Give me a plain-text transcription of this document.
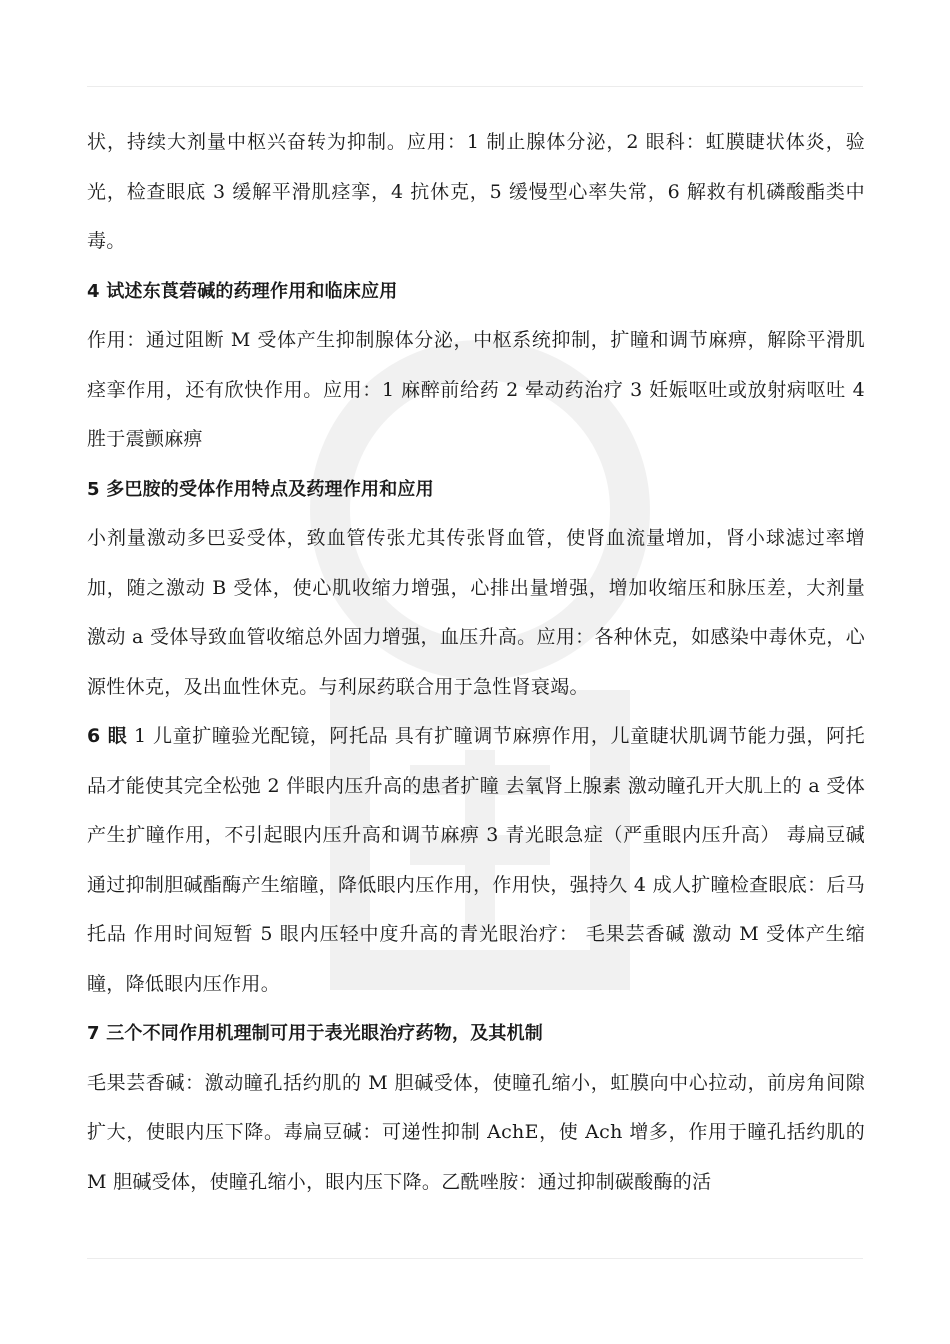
状，持续大剂量中枢兴奋转为抑制。应用：1 制止腺体分泌，2 眼科：虹膜睫状体炎，验光，检查眼底 3 缓解平滑肌痉挛，4 抗休克，5 缓慢型心率失常，6 解救有机磷酸酯类中毒。

4 试述东莨菪碱的药理作用和临床应用

作用：通过阻断 M 受体产生抑制腺体分泌，中枢系统抑制，扩瞳和调节麻痹，解除平滑肌痉挛作用，还有欣快作用。应用：1 麻醉前给药 2 晕动药治疗 3 妊娠呕吐或放射病呕吐 4 胜于震颤麻痹

5 多巴胺的受体作用特点及药理作用和应用

小剂量激动多巴妥受体，致血管传张尤其传张肾血管，使肾血流量增加，肾小球滤过率增加，随之激动 B 受体，使心肌收缩力增强，心排出量增强，增加收缩压和脉压差，大剂量激动 a 受体导致血管收缩总外固力增强，血压升高。应用：各种休克，如感染中毒休克，心源性休克，及出血性休克。与利尿药联合用于急性肾衰竭。

6 眼 1 儿童扩瞳验光配镜，阿托品 具有扩瞳调节麻痹作用，儿童睫状肌调节能力强，阿托品才能使其完全松弛 2 伴眼内压升高的患者扩瞳 去氧肾上腺素 激动瞳孔开大肌上的 a 受体产生扩瞳作用，不引起眼内压升高和调节麻痹 3 青光眼急症（严重眼内压升高） 毒扁豆碱 通过抑制胆碱酯酶产生缩瞳，降低眼内压作用，作用快，强持久 4 成人扩瞳检查眼底：后马托品 作用时间短暂 5 眼内压轻中度升高的青光眼治疗： 毛果芸香碱 激动 M 受体产生缩瞳，降低眼内压作用。

7 三个不同作用机理制可用于表光眼治疗药物，及其机制

毛果芸香碱：激动瞳孔括约肌的 M 胆碱受体，使瞳孔缩小，虹膜向中心拉动，前房角间隙扩大，使眼内压下降。毒扁豆碱：可递性抑制 AchE，使 Ach 增多，作用于瞳孔括约肌的 M 胆碱受体，使瞳孔缩小，眼内压下降。乙酰唑胺：通过抑制碳酸酶的活
